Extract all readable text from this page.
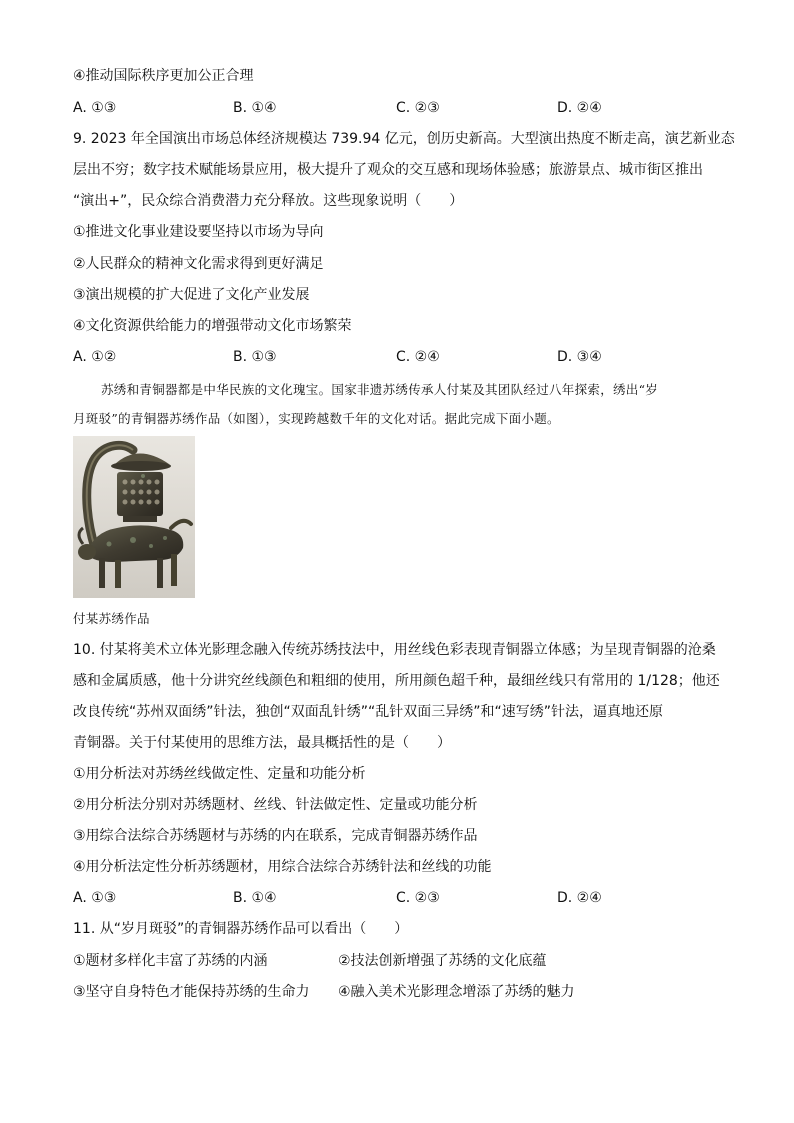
④推动国际秩序更加公正合理
A. ①③	B. ①④	C. ②③	D. ②④
9. 2023 年全国演出市场总体经济规模达 739.94 亿元，创历史新高。大型演出热度不断走高，演艺新业态
层出不穷；数字技术赋能场景应用，极大提升了观众的交互感和现场体验感；旅游景点、城市街区推出
“演出+”，民众综合消费潜力充分释放。这些现象说明（　　）
①推进文化事业建设要坚持以市场为导向
②人民群众的精神文化需求得到更好满足
③演出规模的扩大促进了文化产业发展
④文化资源供给能力的增强带动文化市场繁荣
A. ①②	B. ①③	C. ②④	D. ③④
苏绣和青铜器都是中华民族的文化瑰宝。国家非遗苏绣传承人付某及其团队经过八年探索，绣出“岁
月斑驳”的青铜器苏绣作品（如图），实现跨越数千年的文化对话。据此完成下面小题。
付某苏绣作品
10. 付某将美术立体光影理念融入传统苏绣技法中，用丝线色彩表现青铜器立体感；为呈现青铜器的沧桑
感和金属质感，他十分讲究丝线颜色和粗细的使用，所用颜色超千种，最细丝线只有常用的 1/128；他还
改良传统“苏州双面绣”针法，独创“双面乱针绣”“乱针双面三异绣”和“速写绣”针法，逼真地还原
青铜器。关于付某使用的思维方法，最具概括性的是（　　）
①用分析法对苏绣丝线做定性、定量和功能分析
②用分析法分别对苏绣题材、丝线、针法做定性、定量或功能分析
③用综合法综合苏绣题材与苏绣的内在联系，完成青铜器苏绣作品
④用分析法定性分析苏绣题材，用综合法综合苏绣针法和丝线的功能
A. ①③	B. ①④	C. ②③	D. ②④
11. 从“岁月斑驳”的青铜器苏绣作品可以看出（　　）
①题材多样化丰富了苏绣的内涵	②技法创新增强了苏绣的文化底蕴
③坚守自身特色才能保持苏绣的生命力 ④融入美术光影理念增添了苏绣的魅力
